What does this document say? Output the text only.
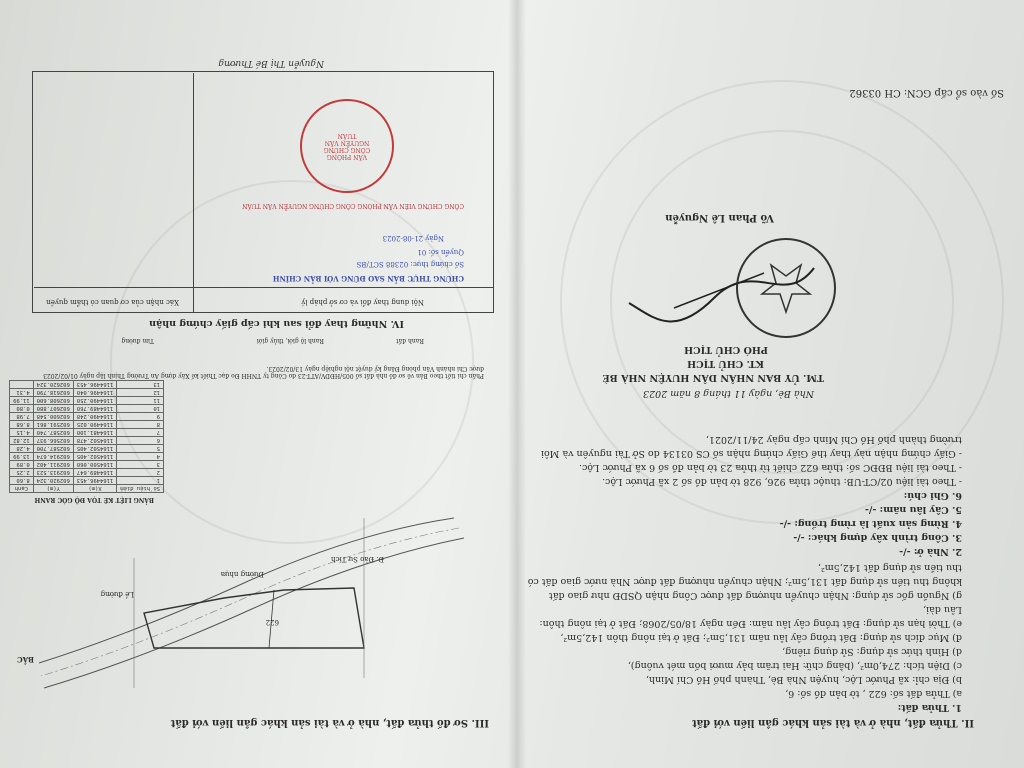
II. Thửa đất, nhà ở và tài sản khác gắn liền với đất
1. Thửa đất:
a) Thửa đất số: 622 , tờ bản đồ số: 6,
b) Địa chỉ: xã Phước Lộc, huyện Nhà Bè, Thành phố Hồ Chí Minh,
c) Diện tích: 274,0m², (bằng chữ: Hai trăm bảy mươi bốn mét vuông),
d) Hình thức sử dụng: Sử dụng riêng,
đ) Mục đích sử dụng: Đất trồng cây lâu năm 131,5m²; Đất ở tại nông thôn 142,5m²,
e) Thời hạn sử dụng: Đất trồng cây lâu năm: Đến ngày 18/05/2068; Đất ở tại nông thôn:
Lâu dài,
g) Nguồn gốc sử dụng: Nhận chuyển nhượng đất được Công nhận QSDĐ như giao đất
không thu tiền sử dụng đất 131,5m²; Nhận chuyển nhượng đất được Nhà nước giao đất có
thu tiền sử dụng đất 142,5m²,
2. Nhà ở: -/-
3. Công trình xây dựng khác: -/-
4. Rừng sản xuất là rừng trồng: -/-
5. Cây lâu năm: -/-
6. Ghi chú:
- Theo tài liệu 02/CT-UB: thuộc thửa 926, 928 tờ bản đồ số 2 xã Phước Lộc.
- Theo tài liệu BĐĐC số: thửa 622 chiết từ thửa 23 tờ bản đồ số 6 xã Phước Lộc.
- Giấy chứng nhận này thay thế Giấy chứng nhận số CS 03134 do Sở Tài nguyên và Môi
trường thành phố Hồ Chí Minh cấp ngày 24/11/2021,
Nhà Bè, ngày 11 tháng 8 năm 2023
TM. ỦY BAN NHÂN DÂN HUYỆN NHÀ BÈ
KT. CHỦ TỊCH
PHÓ CHỦ TỊCH
Võ Phan Lê Nguyễn
Số vào sổ cấp GCN: CH 03362
III. Sơ đồ thửa đất, nhà ở và tài sản khác gắn liền với đất
622
Đường nhựa
Lề đường
Đ. Đào Sư Tích
BẮC
BẢNG LIỆT KÊ TỌA ĐỘ GÓC RANH
Số hiệu điểm	X(m)	Y(m)	Cạnh
1	1164496.453	602920.324	8.60
2	1164489.647	602913.523	2.25
3	1164500.060	602911.402	0.89
4	1164502.405	602914.674	13.99
5	1164502.405	602587.700	4.28
6	1164502.478	602566.937	12.82
7	1164481.100	602587.740	4.15
8	1164490.025	602591.861	8.68
9	1164490.248	602600.548	7.98
10	1164489.760	602607.880	0.80
11	1164490.250	602608.600	11.99
12	1164496.040	602618.790	4.31
13	1164496.453	602620.324	
Phần chi tiết theo Bản vẽ sơ đồ nhà đất số 005/HĐDV/ATT-23 do Công ty TNHH Đo đạc Thiết kế Xây dựng An Trường Thịnh lập ngày 01/02/2023 được Chi nhánh Văn phòng Đăng ký duyệt nội nghiệp ngày 13/02/2023.
Ranh đất
Ranh lộ giới, thủy giới
Tim đường
IV. Những thay đổi sau khi cấp giấy chứng nhận
Nội dung thay đổi và cơ sở pháp lý
Xác nhận của cơ quan có thẩm quyền
CHỨNG THỰC BẢN SAO ĐÚNG VỚI BẢN CHÍNH
Số chứng thực: 02388 SCT/BS
Quyển số: 01
Ngày 21-08-2023
CÔNG CHỨNG VIÊN VĂN PHÒNG CÔNG CHỨNG NGUYỄN VĂN TUẤN
VĂN PHÒNG CÔNG CHỨNG NGUYỄN VĂN TUẤN
Nguyễn Thị Bé Thương
